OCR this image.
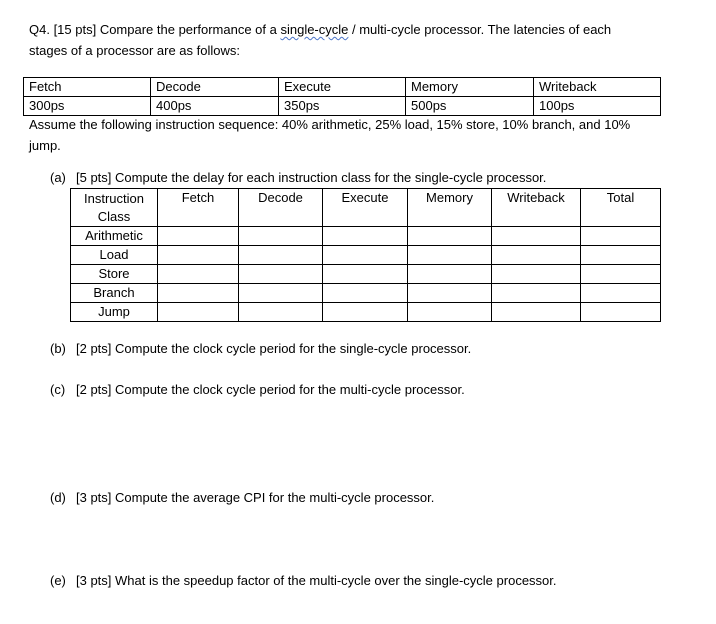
Q4. [15 pts] Compare the performance of a single-cycle / multi-cycle processor. The latencies of each
stages of a processor are as follows:
Fetch	Decode	Execute	Memory	Writeback
300ps	400ps	350ps	500ps	100ps
Assume the following instruction sequence: 40% arithmetic, 25% load, 15% store, 10% branch, and 10%
jump.
(a) [5 pts] Compute the delay for each instruction class for the single-cycle processor.
Instruction Class	Fetch	Decode	Execute	Memory	Writeback	Total
Arithmetic						
Load						
Store						
Branch						
Jump						
(b) [2 pts] Compute the clock cycle period for the single-cycle processor.
(c) [2 pts] Compute the clock cycle period for the multi-cycle processor.
(d) [3 pts] Compute the average CPI for the multi-cycle processor.
(e) [3 pts] What is the speedup factor of the multi-cycle over the single-cycle processor.
